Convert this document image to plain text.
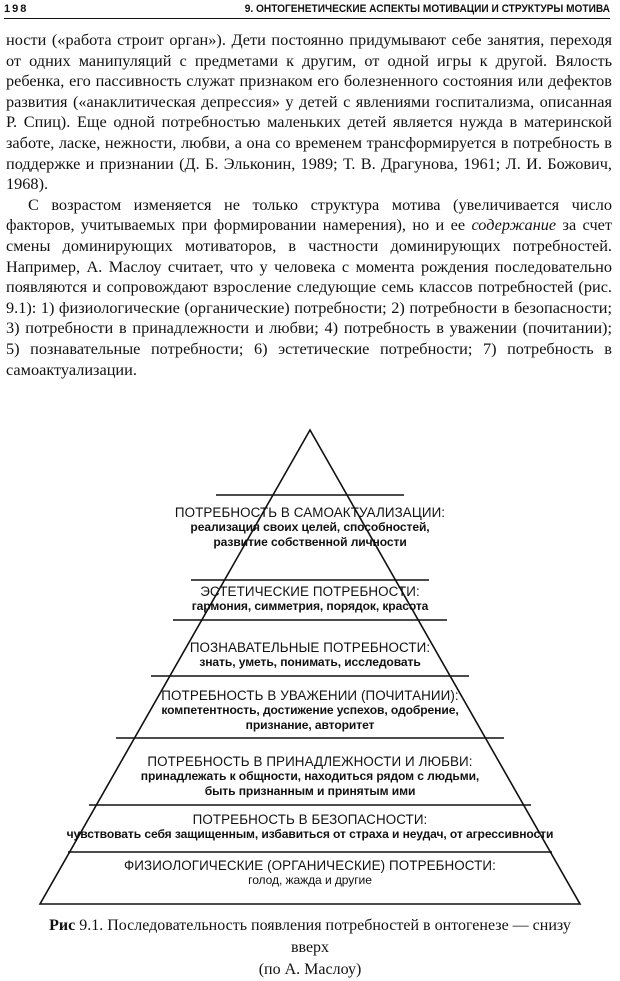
198	9. ОНТОГЕНЕТИЧЕСКИЕ АСПЕКТЫ МОТИВАЦИИ И СТРУКТУРЫ МОТИВА

ности («работа строит орган»). Дети постоянно придумывают себе занятия, переходя от одних манипуляций с предметами к другим, от одной игры к другой. Вялость ребенка, его пассивность служат признаком его болезненного состояния или дефектов развития («анаклитическая депрессия» у детей с явлениями госпитализма, описанная Р. Спиц). Еще одной потребностью маленьких детей является нужда в материнской заботе, ласке, нежности, любви, а она со временем трансформируется в потребность в поддержке и признании (Д. Б. Эльконин, 1989; Т. В. Драгунова, 1961; Л. И. Божович, 1968).

С возрастом изменяется не только структура мотива (увеличивается число факторов, учитываемых при формировании намерения), но и ее содержание за счет смены доминирующих мотиваторов, в частности доминирующих потребностей. Например, А. Маслоу считает, что у человека с момента рождения последовательно появляются и сопровождают взросление следующие семь классов потребностей (рис. 9.1): 1) физиологические (органические) потребности; 2) потребности в безопасности; 3) потребности в принадлежности и любви; 4) потребность в уважении (почитании); 5) познавательные потребности; 6) эстетические потребности; 7) потребность в самоактуализации.

ПОТРЕБНОСТЬ В САМОАКТУАЛИЗАЦИИ:
реализация своих целей, способностей,
развитие собственной личности
ЭСТЕТИЧЕСКИЕ ПОТРЕБНОСТИ:
гармония, симметрия, порядок, красота
ПОЗНАВАТЕЛЬНЫЕ ПОТРЕБНОСТИ:
знать, уметь, понимать, исследовать
ПОТРЕБНОСТЬ В УВАЖЕНИИ (ПОЧИТАНИИ):
компетентность, достижение успехов, одобрение,
признание, авторитет
ПОТРЕБНОСТЬ В ПРИНАДЛЕЖНОСТИ И ЛЮБВИ:
принадлежать к общности, находиться рядом с людьми,
быть признанным и принятым ими
ПОТРЕБНОСТЬ В БЕЗОПАСНОСТИ:
чувствовать себя защищенным, избавиться от страха и неудач, от агрессивности
ФИЗИОЛОГИЧЕСКИЕ (ОРГАНИЧЕСКИЕ) ПОТРЕБНОСТИ:
голод, жажда и другие
Рис 9.1. Последовательность появления потребностей в онтогенезе — снизу вверх
(по А. Маслоу)
